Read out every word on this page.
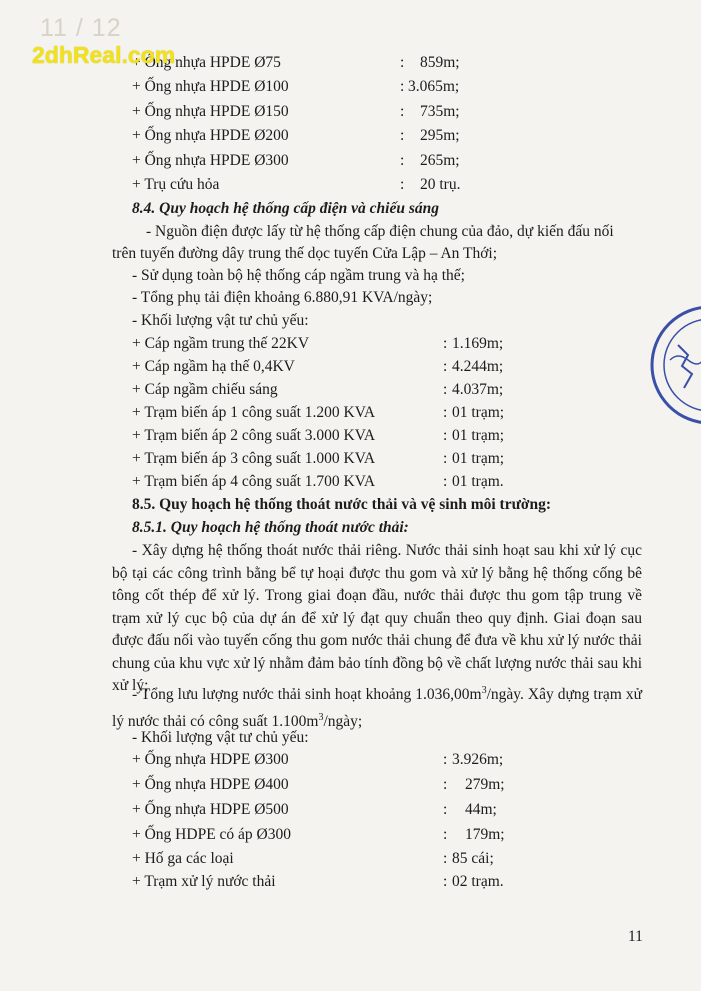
+ Ống nhựa HPDE Ø75	: 859m;
+ Ống nhựa HPDE Ø100	: 3.065m;
+ Ống nhựa HPDE Ø150	: 735m;
+ Ống nhựa HPDE Ø200	: 295m;
+ Ống nhựa HPDE Ø300	: 265m;
+ Trụ cứu hỏa	: 20 trụ.
8.4. Quy hoạch hệ thống cấp điện và chiếu sáng
- Nguồn điện được lấy từ hệ thống cấp điện chung của đảo, dự kiến đấu nối
trên tuyến đường dây trung thế dọc tuyến Cửa Lập – An Thới;
- Sử dụng toàn bộ hệ thống cáp ngầm trung và hạ thế;
- Tổng phụ tải điện khoảng 6.880,91 KVA/ngày;
- Khối lượng vật tư chủ yếu:
+ Cáp ngầm trung thế 22KV	: 1.169m;
+ Cáp ngầm hạ thế 0,4KV	: 4.244m;
+ Cáp ngầm chiếu sáng	: 4.037m;
+ Trạm biến áp 1 công suất 1.200 KVA	: 01 trạm;
+ Trạm biến áp 2 công suất 3.000 KVA	: 01 trạm;
+ Trạm biến áp 3 công suất 1.000 KVA	: 01 trạm;
+ Trạm biến áp 4 công suất 1.700 KVA	: 01 trạm.
8.5. Quy hoạch hệ thống thoát nước thải và vệ sinh môi trường:
8.5.1. Quy hoạch hệ thống thoát nước thải:
- Xây dựng hệ thống thoát nước thải riêng. Nước thải sinh hoạt sau khi xử lý cục bộ tại các công trình bằng bể tự hoại được thu gom và xử lý bằng hệ thống cống bê tông cốt thép để xử lý. Trong giai đoạn đầu, nước thải được thu gom tập trung về trạm xử lý cục bộ của dự án để xử lý đạt quy chuẩn theo quy định. Giai đoạn sau được đấu nối vào tuyến cống thu gom nước thải chung để đưa về khu xử lý nước thải chung của khu vực xử lý nhằm đảm bảo tính đồng bộ về chất lượng nước thải sau khi xử lý;
- Tổng lưu lượng nước thải sinh hoạt khoảng $1.036,00m^3$/ngày. Xây dựng trạm xử lý nước thải có công suất $1.100m^3$/ngày;
- Khối lượng vật tư chủ yếu:
+ Ống nhựa HDPE Ø300	: 3.926m;
+ Ống nhựa HDPE Ø400	: 279m;
+ Ống nhựa HDPE Ø500	: 44m;
+ Ống HDPE có áp Ø300	: 179m;
+ Hố ga các loại	: 85 cái;
+ Trạm xử lý nước thải	: 02 trạm.
11
11 / 12
2dhReal.com
